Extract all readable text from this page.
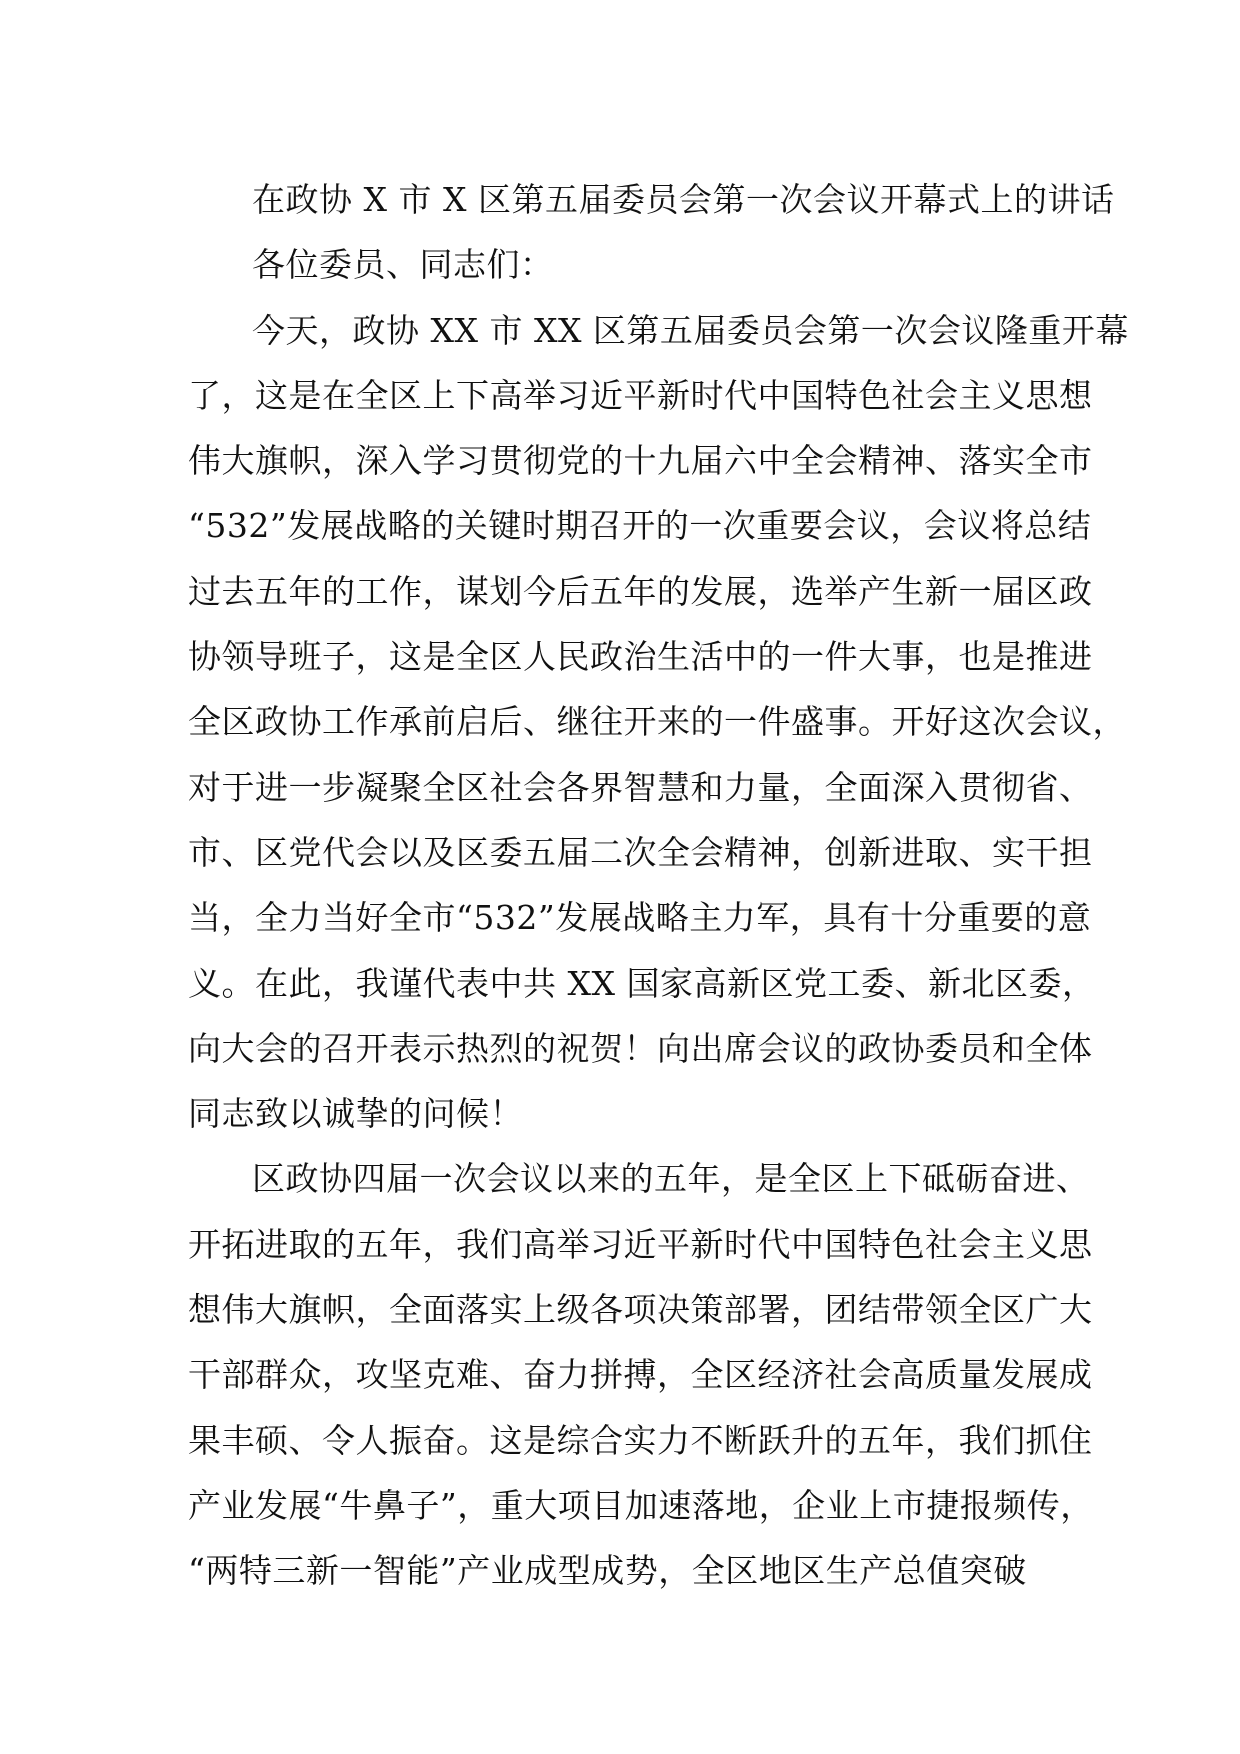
在政协 X 市 X 区第五届委员会第一次会议开幕式上的讲话
各位委员、同志们：
今天，政协 XX 市 XX 区第五届委员会第一次会议隆重开幕
了，这是在全区上下高举习近平新时代中国特色社会主义思想
伟大旗帜，深入学习贯彻党的十九届六中全会精神、落实全市
“532”发展战略的关键时期召开的一次重要会议，会议将总结
过去五年的工作，谋划今后五年的发展，选举产生新一届区政
协领导班子，这是全区人民政治生活中的一件大事，也是推进
全区政协工作承前启后、继往开来的一件盛事。开好这次会议，
对于进一步凝聚全区社会各界智慧和力量，全面深入贯彻省、
市、区党代会以及区委五届二次全会精神，创新进取、实干担
当，全力当好全市“532”发展战略主力军，具有十分重要的意
义。在此，我谨代表中共 XX 国家高新区党工委、新北区委，
向大会的召开表示热烈的祝贺！向出席会议的政协委员和全体
同志致以诚挚的问候！
区政协四届一次会议以来的五年，是全区上下砥砺奋进、
开拓进取的五年，我们高举习近平新时代中国特色社会主义思
想伟大旗帜，全面落实上级各项决策部署，团结带领全区广大
干部群众，攻坚克难、奋力拼搏，全区经济社会高质量发展成
果丰硕、令人振奋。这是综合实力不断跃升的五年，我们抓住
产业发展“牛鼻子”，重大项目加速落地，企业上市捷报频传，
“两特三新一智能”产业成型成势，全区地区生产总值突破
